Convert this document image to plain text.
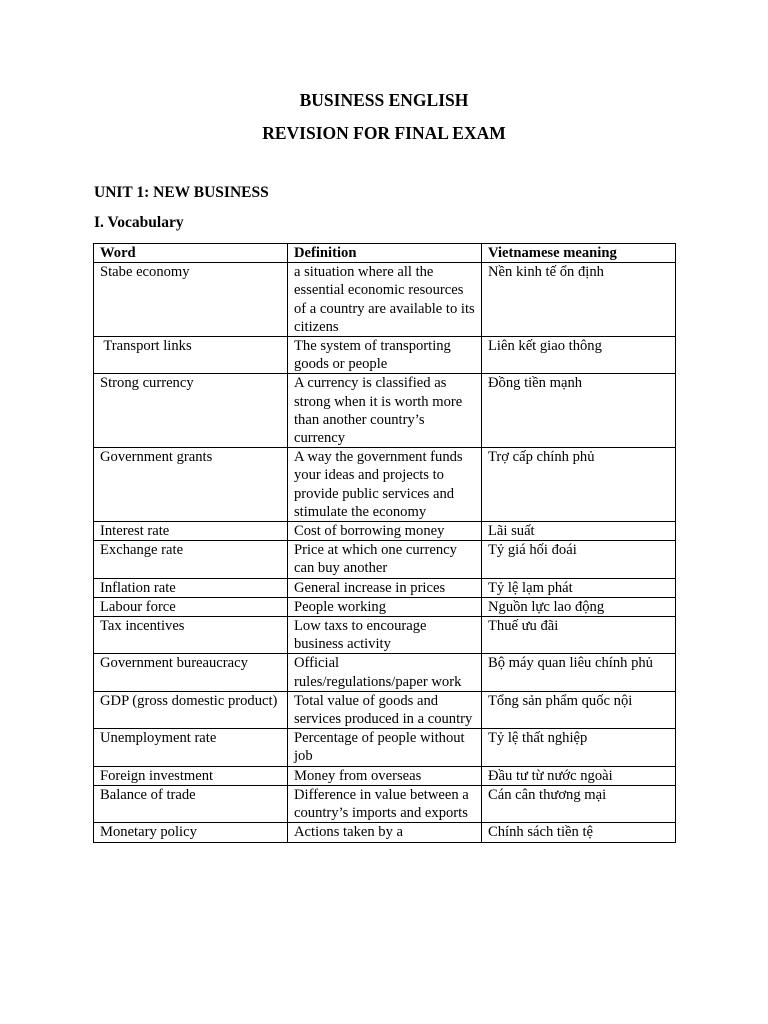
BUSINESS ENGLISH
REVISION FOR FINAL EXAM
UNIT 1: NEW BUSINESS
I. Vocabulary
Word	Definition	Vietnamese meaning
Stabe economy	a situation where all the essential economic resources of a country are available to its citizens	Nền kinh tế ổn định
Transport links	The system of transporting goods or people	Liên kết giao thông
Strong currency	A currency is classified as strong when it is worth more than another country’s currency	Đồng tiền mạnh
Government grants	A way the government funds your ideas and projects to provide public services and stimulate the economy	Trợ cấp chính phủ
Interest rate	Cost of borrowing money	Lãi suất
Exchange rate	Price at which one currency can buy another	Tỷ giá hối đoái
Inflation rate	General increase in prices	Tỷ lệ lạm phát
Labour force	People working	Nguồn lực lao động
Tax incentives	Low taxs to encourage business activity	Thuế ưu đãi
Government bureaucracy	Official rules/regulations/paper work	Bộ máy quan liêu chính phủ
GDP (gross domestic product)	Total value of goods and services produced in a country	Tổng sản phẩm quốc nội
Unemployment rate	Percentage of people without job	Tỷ lệ thất nghiệp
Foreign investment	Money from overseas	Đầu tư từ nước ngoài
Balance of trade	Difference in value between a country’s imports and exports	Cán cân thương mại
Monetary policy	Actions taken by a	Chính sách tiền tệ
